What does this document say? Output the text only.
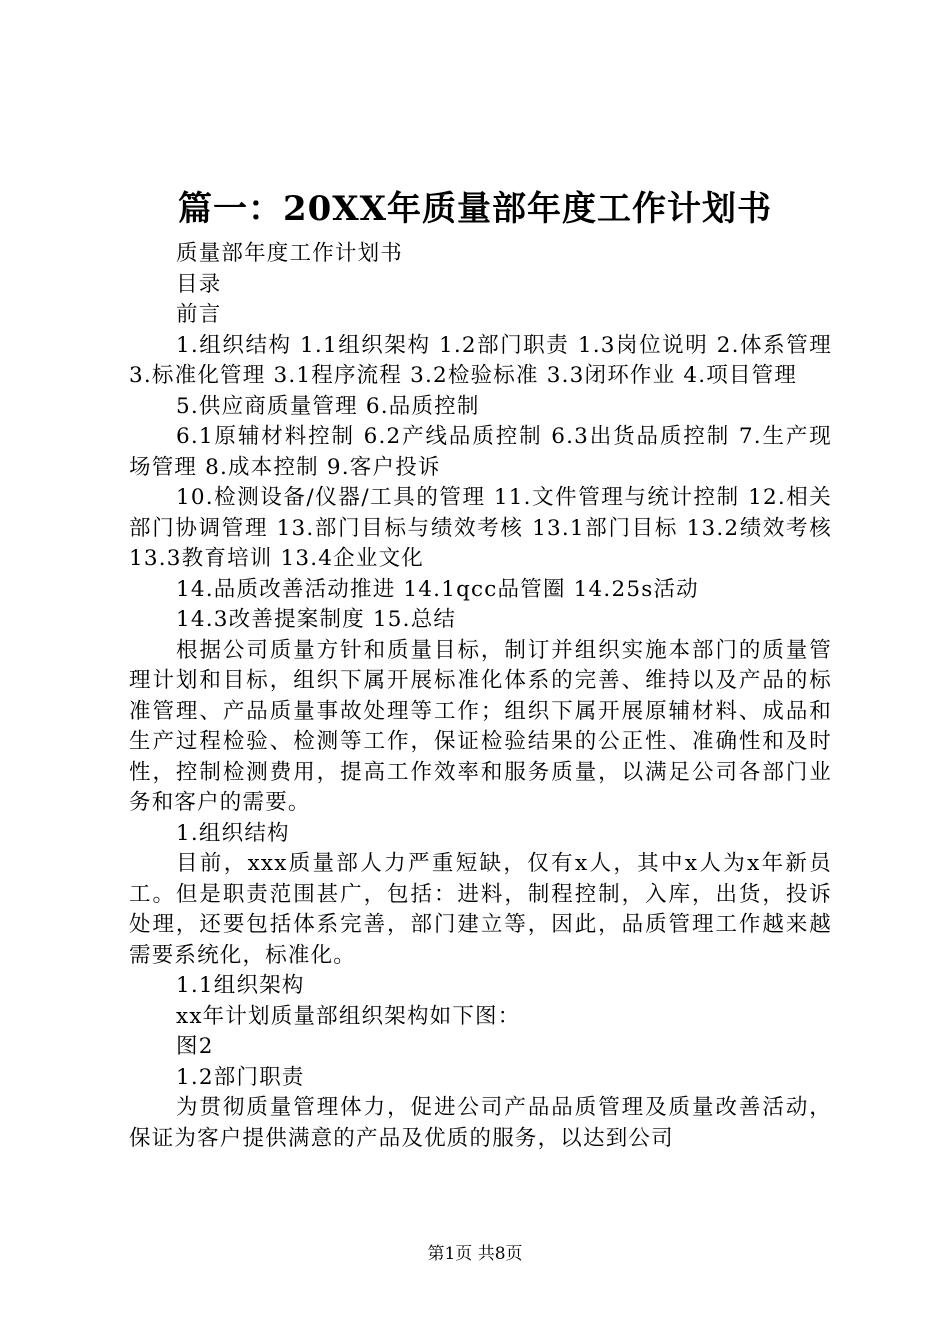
篇一：20XX年质量部年度工作计划书

质量部年度工作计划书

目录

前言

1.组织结构 1.1组织架构 1.2部门职责 1.3岗位说明 2.体系管理 3.标准化管理 3.1程序流程 3.2检验标准 3.3闭环作业 4.项目管理

5.供应商质量管理 6.品质控制

6.1原辅材料控制 6.2产线品质控制 6.3出货品质控制 7.生产现场管理 8.成本控制 9.客户投诉

10.检测设备/仪器/工具的管理 11.文件管理与统计控制 12.相关部门协调管理 13.部门目标与绩效考核 13.1部门目标 13.2绩效考核 13.3教育培训 13.4企业文化

14.品质改善活动推进 14.1qcc品管圈 14.25s活动

14.3改善提案制度 15.总结

根据公司质量方针和质量目标，制订并组织实施本部门的质量管理计划和目标，组织下属开展标准化体系的完善、维持以及产品的标准管理、产品质量事故处理等工作；组织下属开展原辅材料、成品和生产过程检验、检测等工作，保证检验结果的公正性、准确性和及时性，控制检测费用，提高工作效率和服务质量，以满足公司各部门业务和客户的需要。

1.组织结构

目前，xxx质量部人力严重短缺，仅有x人，其中x人为x年新员工。但是职责范围甚广，包括：进料，制程控制，入库，出货，投诉处理，还要包括体系完善，部门建立等，因此，品质管理工作越来越需要系统化，标准化。

1.1组织架构

xx年计划质量部组织架构如下图：

图2

1.2部门职责

为贯彻质量管理体力，促进公司产品品质管理及质量改善活动，保证为客户提供满意的产品及优质的服务，以达到公司

第1页 共8页
